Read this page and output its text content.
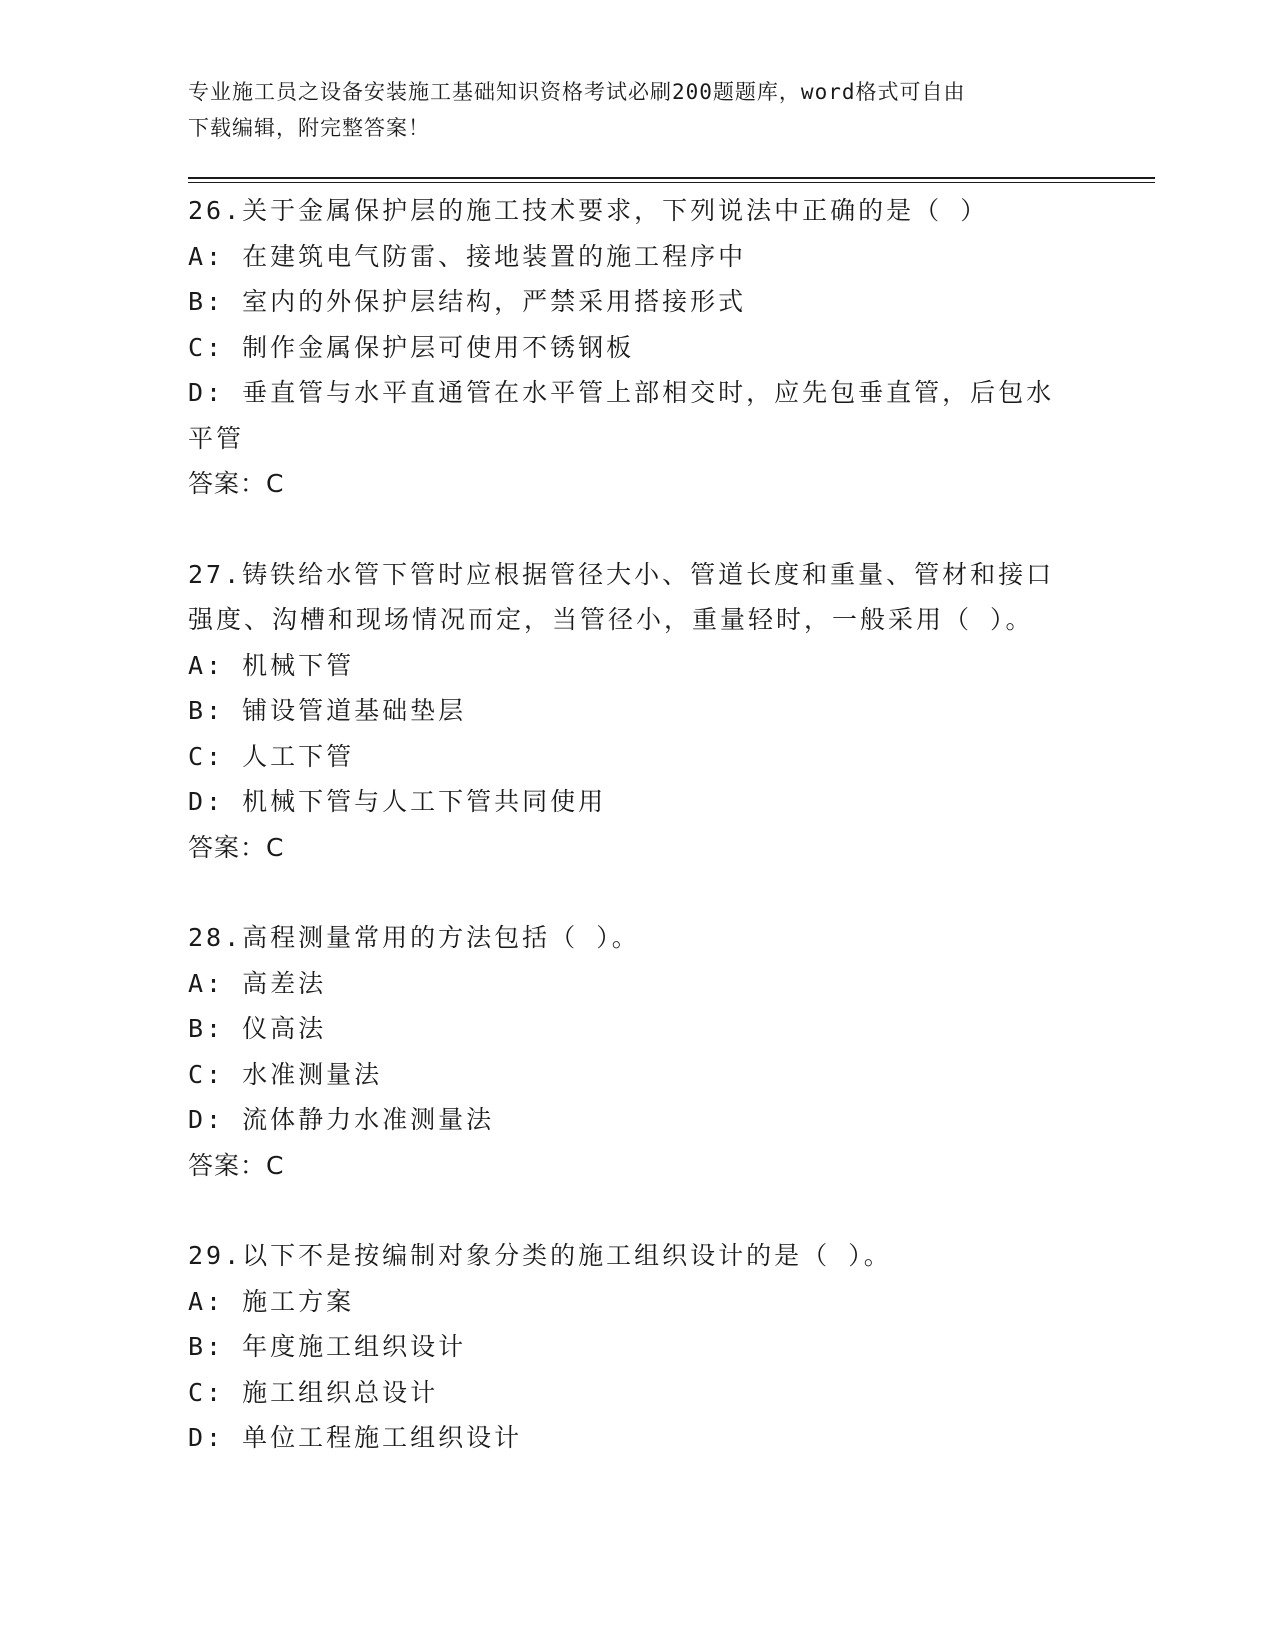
专业施工员之设备安装施工基础知识资格考试必刷200题题库，word格式可自由
下载编辑，附完整答案！
26.关于金属保护层的施工技术要求，下列说法中正确的是（ ）
A: 在建筑电气防雷、接地装置的施工程序中
B: 室内的外保护层结构，严禁采用搭接形式
C: 制作金属保护层可使用不锈钢板
D: 垂直管与水平直通管在水平管上部相交时，应先包垂直管，后包水
平管
答案：C
27.铸铁给水管下管时应根据管径大小、管道长度和重量、管材和接口
强度、沟槽和现场情况而定，当管径小，重量轻时，一般采用（ ）。
A: 机械下管
B: 铺设管道基础垫层
C: 人工下管
D: 机械下管与人工下管共同使用
答案：C
28.高程测量常用的方法包括（ ）。
A: 高差法
B: 仪高法
C: 水准测量法
D: 流体静力水准测量法
答案：C
29.以下不是按编制对象分类的施工组织设计的是（ ）。
A: 施工方案
B: 年度施工组织设计
C: 施工组织总设计
D: 单位工程施工组织设计
